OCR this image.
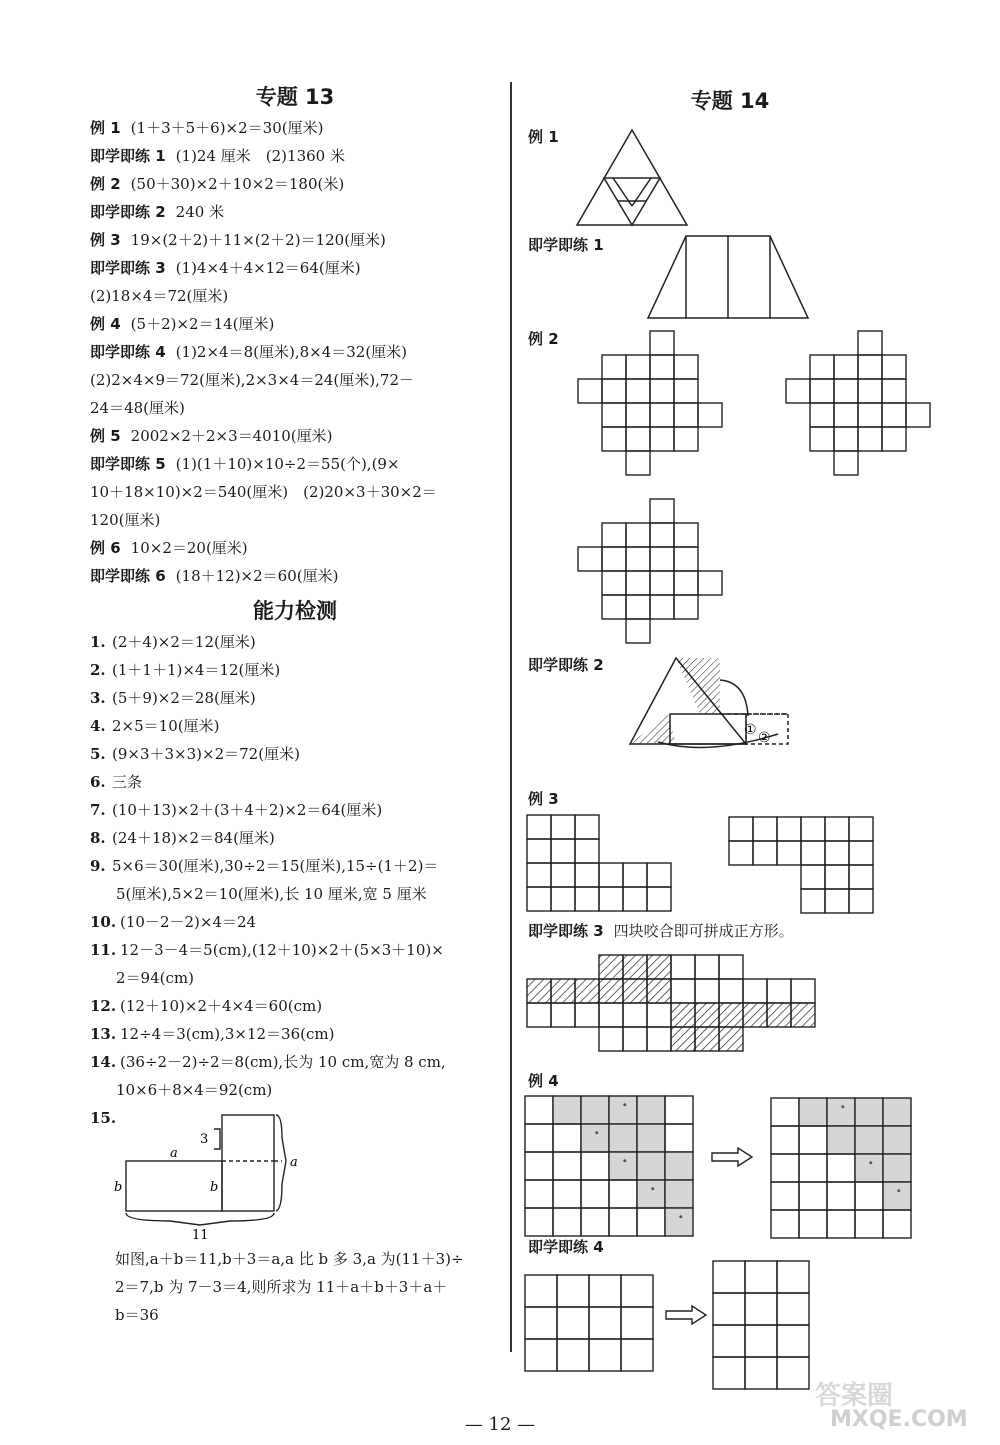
专题 13
例 1 (1＋3＋5＋6)×2＝30(厘米)
即学即练 1 (1)24 厘米　(2)1360 米
例 2 (50＋30)×2＋10×2＝180(米)
即学即练 2 240 米
例 3 19×(2＋2)＋11×(2＋2)＝120(厘米)
即学即练 3 (1)4×4＋4×12＝64(厘米)
(2)18×4＝72(厘米)
例 4 (5＋2)×2＝14(厘米)
即学即练 4 (1)2×4＝8(厘米),8×4＝32(厘米)
(2)2×4×9＝72(厘米),2×3×4＝24(厘米),72－
24＝48(厘米)
例 5 2002×2＋2×3＝4010(厘米)
即学即练 5 (1)(1＋10)×10÷2＝55(个),(9×
10＋18×10)×2＝540(厘米)　(2)20×3＋30×2＝
120(厘米)
例 6 10×2＝20(厘米)
即学即练 6 (18＋12)×2＝60(厘米)
能力检测
1. (2＋4)×2＝12(厘米)
2. (1＋1＋1)×4＝12(厘米)
3. (5＋9)×2＝28(厘米)
4. 2×5＝10(厘米)
5. (9×3＋3×3)×2＝72(厘米)
6. 三条
7. (10＋13)×2＋(3＋4＋2)×2＝64(厘米)
8. (24＋18)×2＝84(厘米)
9. 5×6＝30(厘米),30÷2＝15(厘米),15÷(1＋2)＝
5(厘米),5×2＝10(厘米),长 10 厘米,宽 5 厘米
10. (10－2－2)×4＝24
11. 12－3－4＝5(cm),(12＋10)×2＋(5×3＋10)×
2＝94(cm)
12. (12＋10)×2＋4×4＝60(cm)
13. 12÷4＝3(cm),3×12＝36(cm)
14. (36÷2－2)÷2＝8(cm),长为 10 cm,宽为 8 cm,
10×6＋8×4＝92(cm)
15.
3
a
a
b	b
11
如图,a＋b＝11,b＋3＝a,a 比 b 多 3,a 为(11＋3)÷
2＝7,b 为 7－3＝4,则所求为 11＋a＋b＋3＋a＋
b＝36
专题 14
例 1
即学即练 1
例 2
即学即练 2
① ②
例 3
即学即练 3 四块咬合即可拼成正方形。
例 4
即学即练 4
— 12 —
答案圈
MXQE.COM
